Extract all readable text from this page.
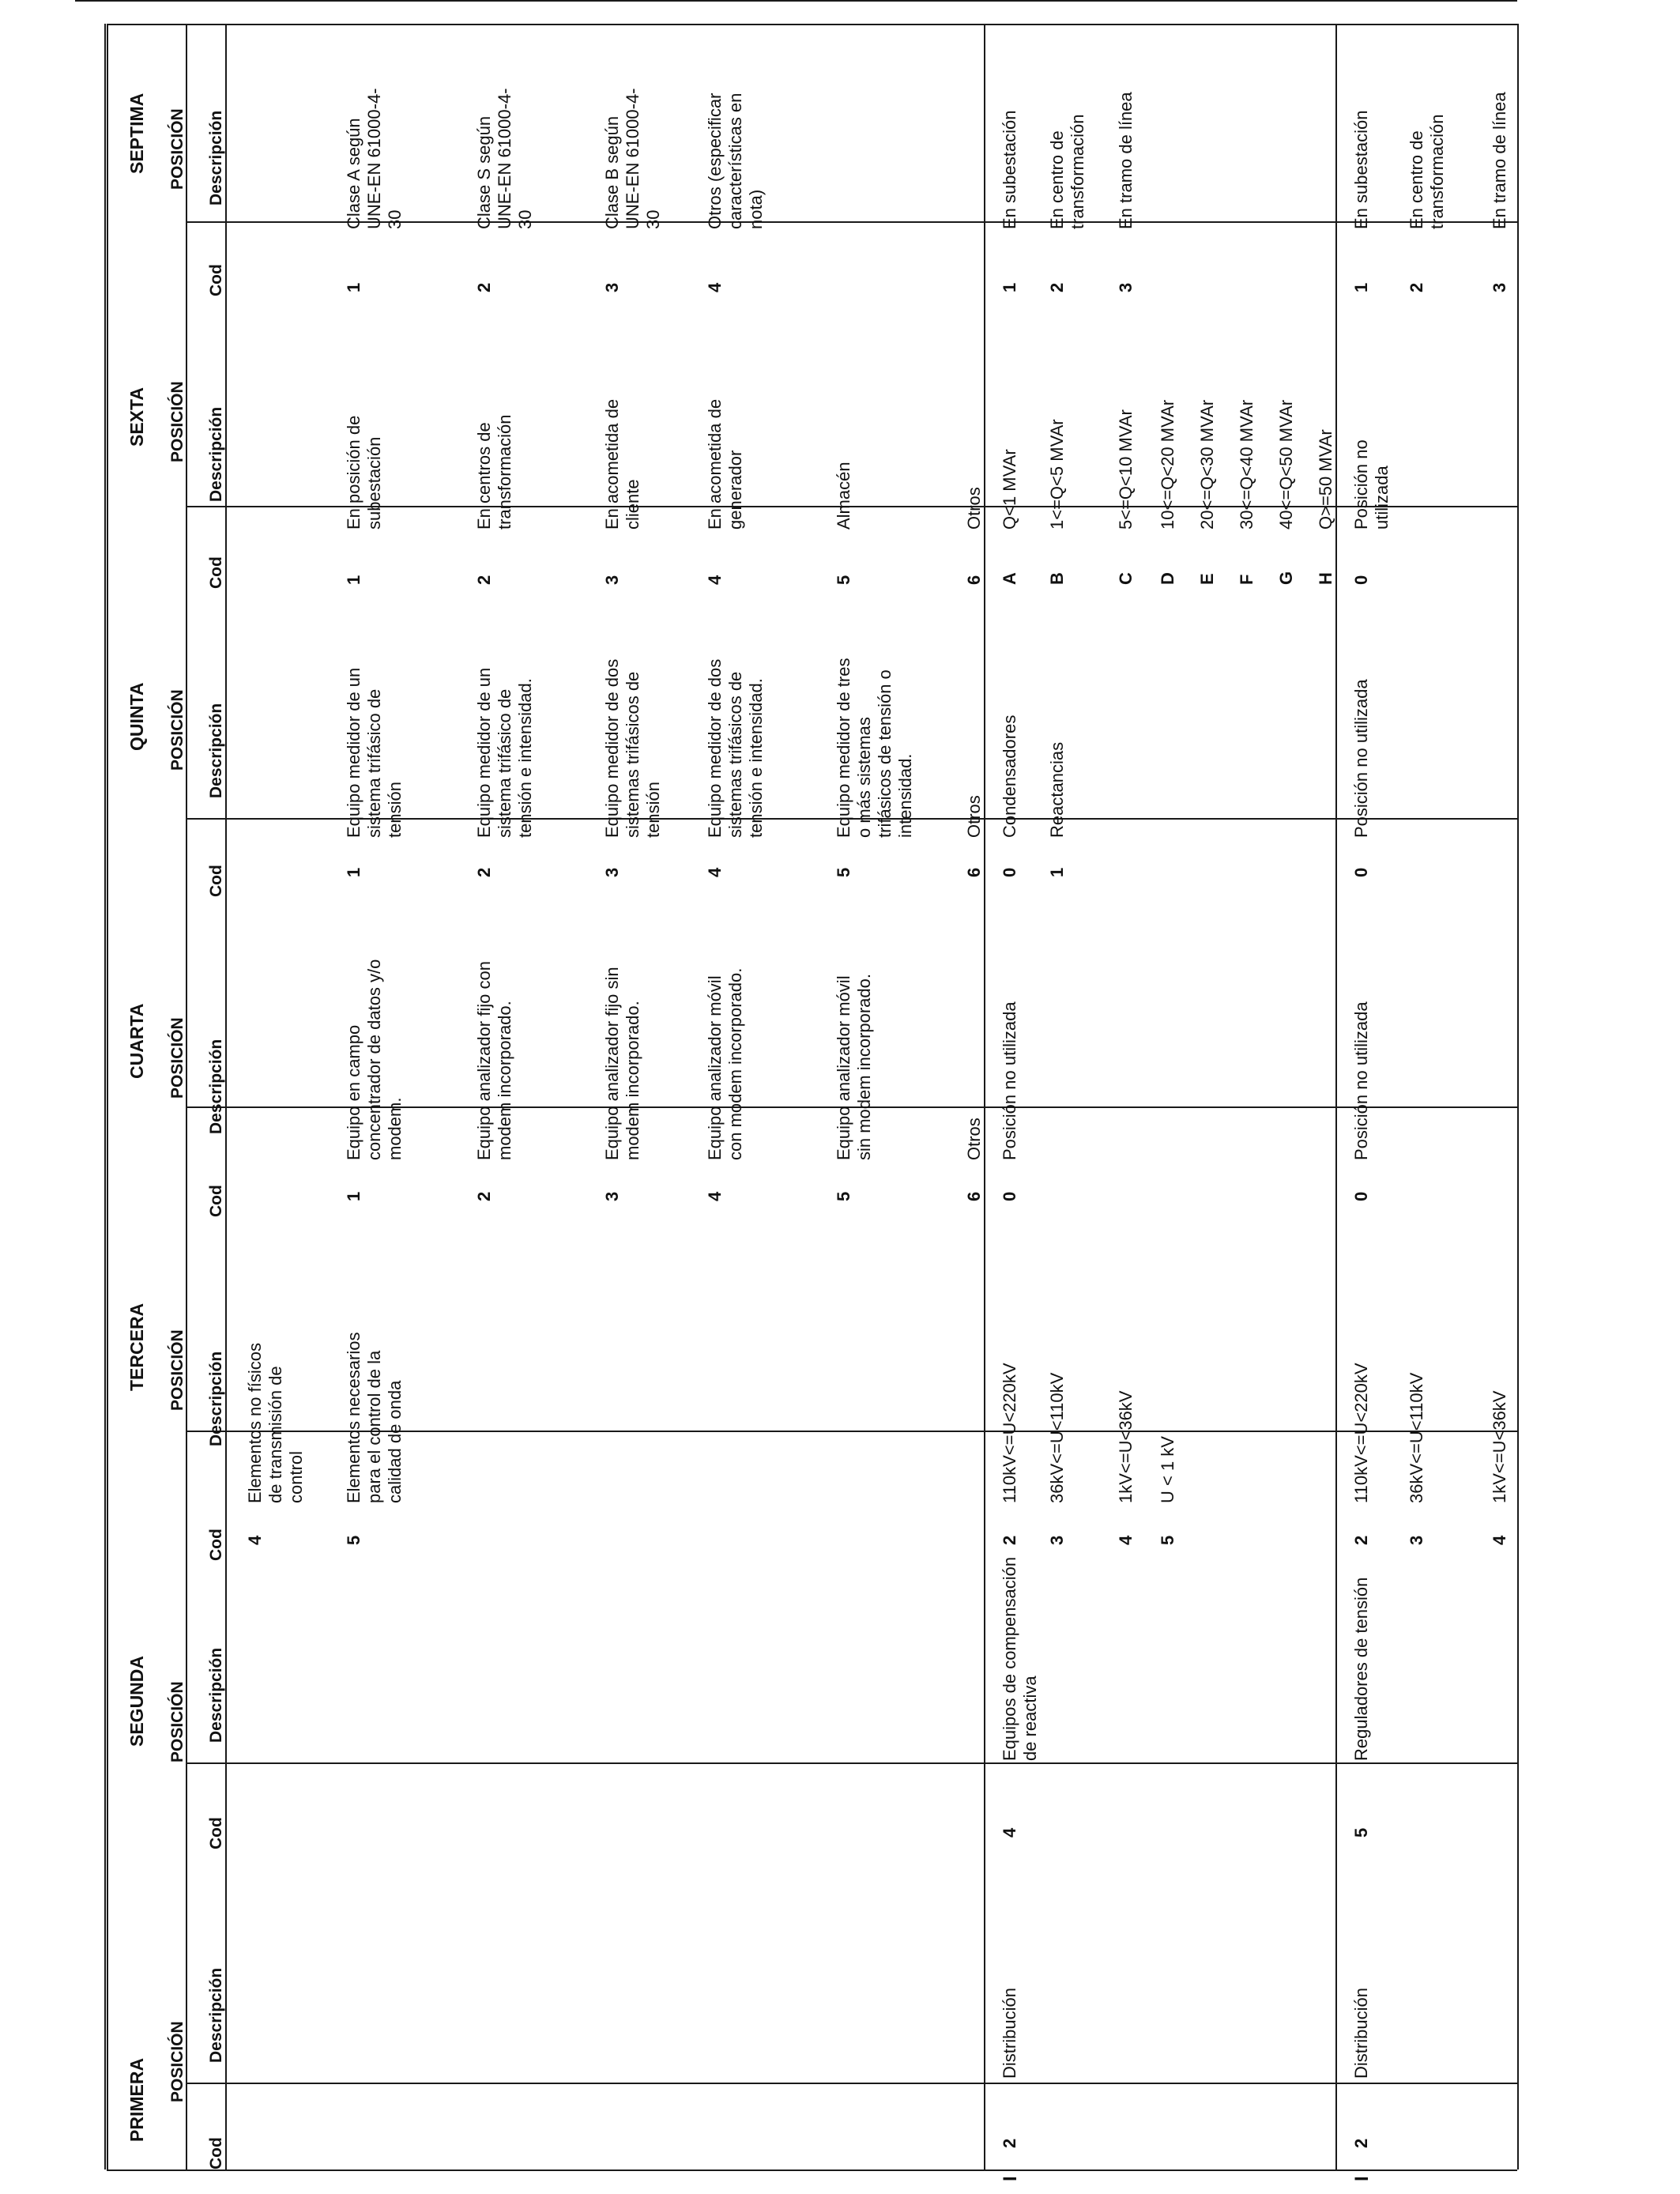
PRIMERA
SEGUNDA
TERCERA
CUARTA
QUINTA
SEXTA
SEPTIMA
POSICIÓN
POSICIÓN
POSICIÓN
POSICIÓN
POSICIÓN
POSICIÓN
POSICIÓN
Cod
Descripción
Cod
Descripción
Cod
Descripción
Cod
Descripción
Cod
Descripción
Cod
Descripción
Cod
Descripción
I	I
2
Distribución
2
Distribución
4
Equipos de compensación de reactiva
5
Reguladores de tensión
4
Elementos no físicos de transmisión de control
5
Elementos necesarios para el control de la calidad de onda
2
110kV<=U<220kV
3
36kV<=U<110kV
4
1kV<=U<36kV
5
U < 1 kV
2
110kV<=U<220kV
3
36kV<=U<110kV
4
1kV<=U<36kV
1
Equipo en campo concentrador de datos y/o modem.
2
Equipo analizador fijo con modem incorporado.
3
Equipo analizador fijo sin modem incorporado.
4
Equipo analizador móvil con modem incorporado.
5
Equipo analizador móvil sin modem incorporado.
6
Otros
0
Posición no utilizada
0
Posición no utilizada
1
Equipo medidor de un sistema trifásico de tensión
2
Equipo medidor de un sistema trifásico de tensión e intensidad.
3
Equipo medidor de dos sistemas trifásicos de tensión
4
Equipo medidor de dos sistemas trifásicos de tensión e intensidad.
5
Equipo medidor de tres o más sistemas trifásicos de tensión o intensidad.
6
Otros
0
Condensadores
1
Reactancias
0
Posición no utilizada
1
En posición de subestación
2
En centros de transformación
3
En acometida de cliente
4
En acometida de generador
5
Almacén
6
Otros
A
Q<1 MVAr
B
1<=Q<5 MVAr
C
5<=Q<10 MVAr
D
10<=Q<20 MVAr
E
20<=Q<30 MVAr
F
30<=Q<40 MVAr
G
40<=Q<50 MVAr
H
Q>=50 MVAr
0
Posición no utilizada
1
Clase A según UNE-EN 61000-4-30
2
Clase S según UNE-EN 61000-4-30
3
Clase B según UNE-EN 61000-4-30
4
Otros (especificar características en nota)
1
En subestación
2
En centro de transformación
3
En tramo de línea
1
En subestación
2
En centro de transformación
3
En tramo de línea
